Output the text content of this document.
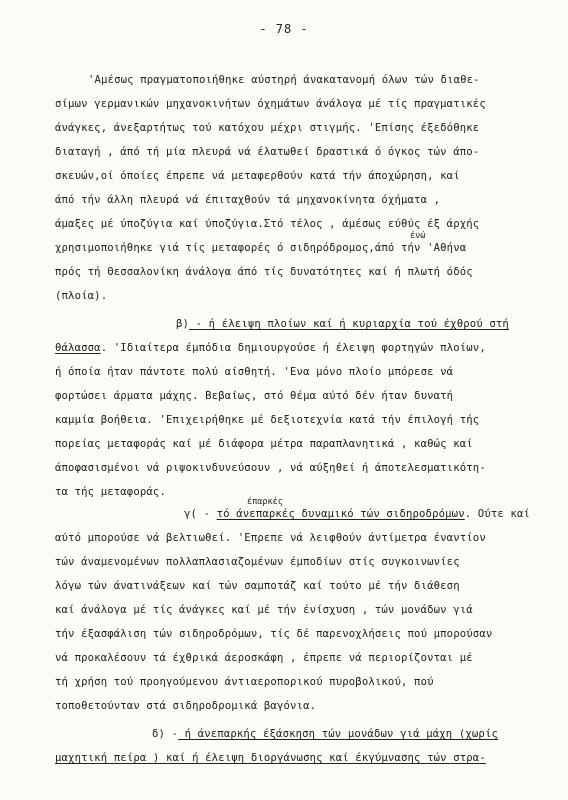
- 78 -
'Αμέσως πραγματοποιήθηκε αύστηρή άνακατανομή όλων τών διαθε-
σίμων γερμανικών μηχανοκινήτων όχημάτων άνάλογα μέ τίς πραγματικές
άνάγκες, άνεξαρτήτως τού κατόχου μέχρι στιγμής. 'Επίσης έξεδόθηκε
διαταγή , άπό τή μία πλευρά νά έλατωθεί δραστικά ό όγκος τών άπο-
σκευών,οί όποίες έπρεπε νά μεταφερθούν κατά τήν άποχώρηση, καί
άπό τήν άλλη πλευρά νά έπιταχθούν τά μηχανοκίνητα όχήματα ,
άμαξες μέ ύποζύγια καί ύποζύγια.Στό τέλος , άμέσως εύθύς έξ άρχής
ένώ
χρησιμοποιήθηκε γιά τίς μεταφορές ό σιδηρόδρομος,άπό τήν 'Αθήνα
πρός τή Θεσσαλονίκη άνάλογα άπό τίς δυνατότητες καί ή πλωτή όδός
(πλοία).
β) - ή έλειψη πλοίων καί ή κυριαρχία τού έχθρού στή
θάλασσα. 'Ιδιαίτερα έμπόδια δημιουργούσε ή έλειψη φορτηγών πλοίων,
ή όποία ήταν πάντοτε πολύ αίσθητή. 'Ενα μόνο πλοίο μπόρεσε νά
φορτώσει άρματα μάχης. Βεβαίως, στό θέμα αύτό δέν ήταν δυνατή
καμμία βοήθεια. 'Επιχειρήθηκε μέ δεξιοτεχνία κατά τήν έπιλογή τής
πορείας μεταφοράς καί μέ διάφορα μέτρα παραπλανητικά , καθώς καί
άποφασισμένοι νά ριψοκινδυνεύσουν , νά αύξηθεί ή άποτελεσματικότη-
τα τής μεταφοράς.
έπαρκές
γ( - τό άνεπαρκές δυναμικό τών σιδηροδρόμων. Ούτε καί
αύτό μπορούσε νά βελτιωθεί. 'Επρεπε νά λειφθούν άντίμετρα έναντίον
τών άναμενομένων πολλαπλασιαζομένων έμποδίων στίς συγκοινωνίες
λόγω τών άνατινάξεων καί τών σαμποτάζ καί τούτο μέ τήν διάθεση
καί άνάλογα μέ τίς άνάγκες καί μέ τήν ένίσχυση , τών μονάδων γιά
τήν έξασφάλιση τών σιδηροδρόμων, τίς δέ παρενοχλήσεις πού μπορούσαν
νά προκαλέσουν τά έχθρικά άεροσκάφη , έπρεπε νά περιορίζονται μέ
τή χρήση τού προηγούμενου άντιαεροπορικού πυροβολικού, πού
τοποθετούνταν στά σιδηροδρομικά βαγόνια.
δ) - ή άνεπαρκής έξάσκηση τών μονάδων γιά μάχη (χωρίς
μαχητική πείρα ) καί ή έλειψη διοργάνωσης καί έκγύμνασης τών στρα-
